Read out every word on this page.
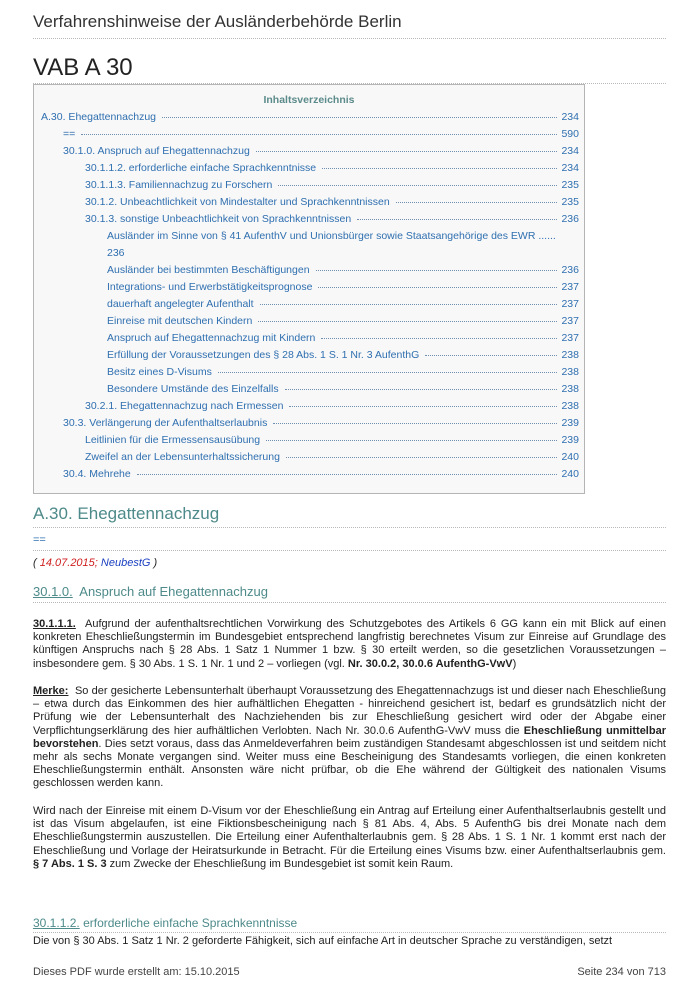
Verfahrenshinweise der Ausländerbehörde Berlin
VAB A 30
Inhaltsverzeichnis
A.30. Ehegattennachzug	234
==	590
30.1.0. Anspruch auf Ehegattennachzug	234
30.1.1.2. erforderliche einfache Sprachkenntnisse	234
30.1.1.3. Familiennachzug zu Forschern	235
30.1.2. Unbeachtlichkeit von Mindestalter und Sprachkenntnissen	235
30.1.3. sonstige Unbeachtlichkeit von Sprachkenntnissen	236
Ausländer im Sinne von § 41 AufenthV und Unionsbürger sowie Staatsangehörige des EWR ......
236
Ausländer bei bestimmten Beschäftigungen	236
Integrations- und Erwerbstätigkeitsprognose	237
dauerhaft angelegter Aufenthalt	237
Einreise mit deutschen Kindern	237
Anspruch auf Ehegattennachzug mit Kindern	237
Erfüllung der Voraussetzungen des § 28 Abs. 1 S. 1 Nr. 3 AufenthG	238
Besitz eines D-Visums	238
Besondere Umstände des Einzelfalls	238
30.2.1. Ehegattennachzug nach Ermessen	238
30.3. Verlängerung der Aufenthaltserlaubnis	239
Leitlinien für die Ermessensausübung	239
Zweifel an der Lebensunterhaltssicherung	240
30.4. Mehrehe	240
A.30. Ehegattennachzug
==
( 14.07.2015; NeubestG )
30.1.0. Anspruch auf Ehegattennachzug
30.1.1.1. Aufgrund der aufenthaltsrechtlichen Vorwirkung des Schutzgebotes des Artikels 6 GG kann ein mit Blick auf einen konkreten Eheschließungstermin im Bundesgebiet entsprechend langfristig berechnetes Visum zur Einreise auf Grundlage des künftigen Anspruchs nach § 28 Abs. 1 Satz 1 Nummer 1 bzw. § 30 erteilt werden, so die gesetzlichen Voraussetzungen – insbesondere gem. § 30 Abs. 1 S. 1 Nr. 1 und 2 – vorliegen (vgl. Nr. 30.0.2, 30.0.6 AufenthG-VwV)
Merke: So der gesicherte Lebensunterhalt überhaupt Voraussetzung des Ehegattennachzugs ist und dieser nach Eheschließung – etwa durch das Einkommen des hier aufhältlichen Ehegatten - hinreichend gesichert ist, bedarf es grundsätzlich nicht der Prüfung wie der Lebensunterhalt des Nachziehenden bis zur Eheschließung gesichert wird oder der Abgabe einer Verpflichtungserklärung des hier aufhältlichen Verlobten. Nach Nr. 30.0.6 AufenthG-VwV muss die Eheschließung unmittelbar bevorstehen. Dies setzt voraus, dass das Anmeldeverfahren beim zuständigen Standesamt abgeschlossen ist und seitdem nicht mehr als sechs Monate vergangen sind. Weiter muss eine Bescheinigung des Standesamts vorliegen, die einen konkreten Eheschließungstermin enthält. Ansonsten wäre nicht prüfbar, ob die Ehe während der Gültigkeit des nationalen Visums geschlossen werden kann.
Wird nach der Einreise mit einem D-Visum vor der Eheschließung ein Antrag auf Erteilung einer Aufenthaltserlaubnis gestellt und ist das Visum abgelaufen, ist eine Fiktionsbescheinigung nach § 81 Abs. 4, Abs. 5 AufenthG bis drei Monate nach dem Eheschließungstermin auszustellen. Die Erteilung einer Aufenthalterlaubnis gem. § 28 Abs. 1 S. 1 Nr. 1 kommt erst nach der Eheschließung und Vorlage der Heiratsurkunde in Betracht. Für die Erteilung eines Visums bzw. einer Aufenthaltserlaubnis gem. § 7 Abs. 1 S. 3 zum Zwecke der Eheschließung im Bundesgebiet ist somit kein Raum.
30.1.1.2. erforderliche einfache Sprachkenntnisse
Die von § 30 Abs. 1 Satz 1 Nr. 2 geforderte Fähigkeit, sich auf einfache Art in deutscher Sprache zu verständigen, setzt
Dieses PDF wurde erstellt am: 15.10.2015	Seite 234 von 713
